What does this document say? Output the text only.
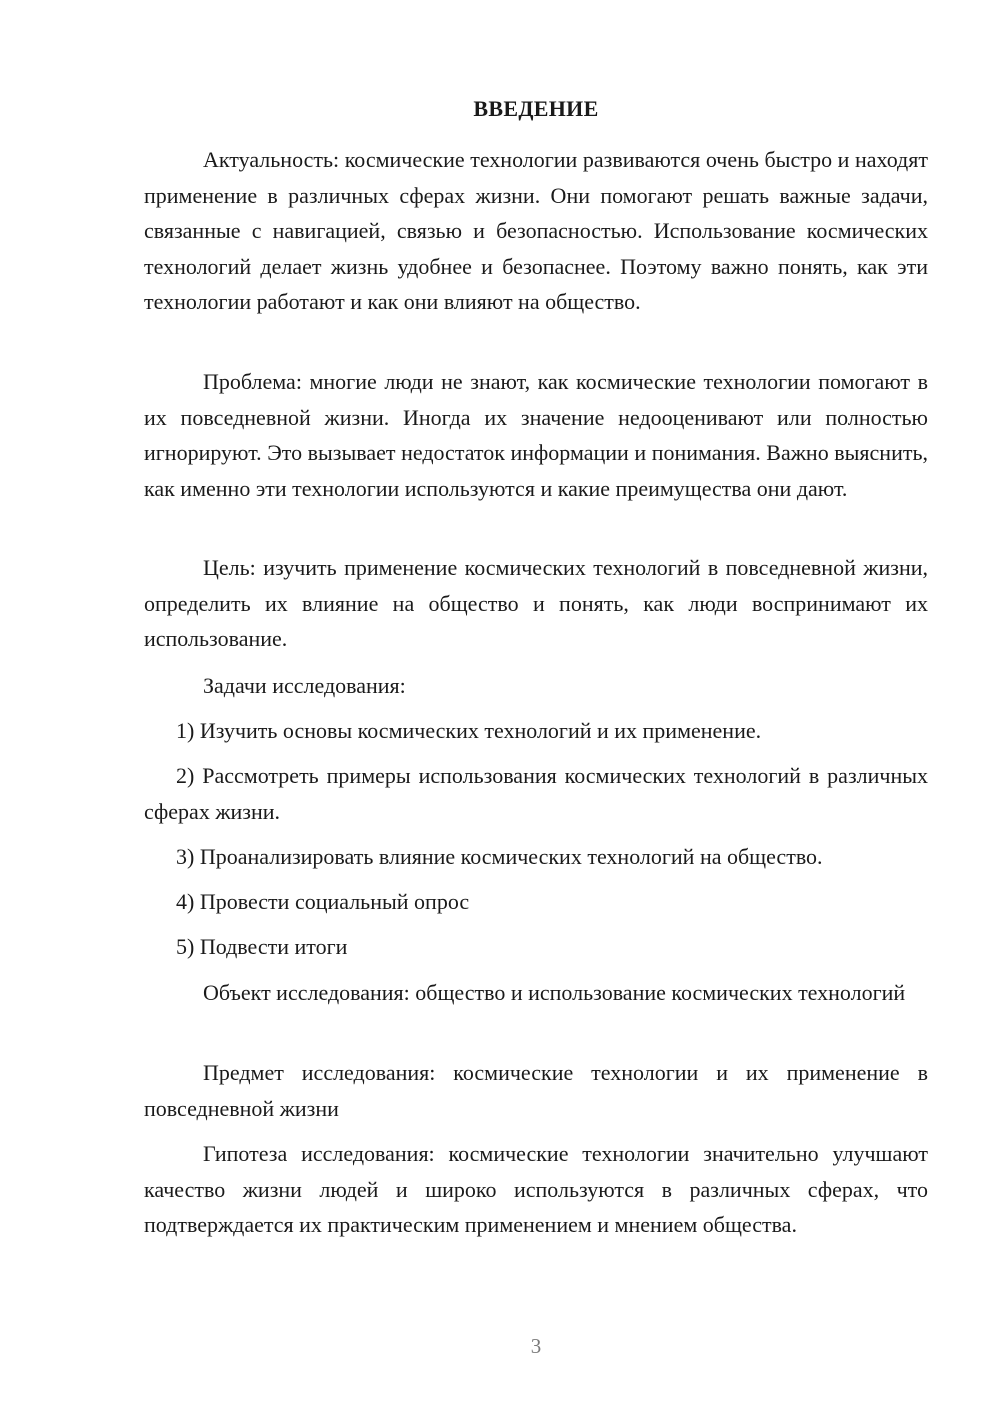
ВВЕДЕНИЕ

Актуальность: космические технологии развиваются очень быстро и находят применение в различных сферах жизни. Они помогают решать важные задачи, связанные с навигацией, связью и безопасностью. Использование космических технологий делает жизнь удобнее и безопаснее. Поэтому важно понять, как эти технологии работают и как они влияют на общество.

Проблема: многие люди не знают, как космические технологии помогают в их повседневной жизни. Иногда их значение недооценивают или полностью игнорируют. Это вызывает недостаток информации и понимания. Важно выяснить, как именно эти технологии используются и какие преимущества они дают.

Цель: изучить применение космических технологий в повседневной жизни, определить их влияние на общество и понять, как люди воспринимают их использование.

Задачи исследования:

1) Изучить основы космических технологий и их применение.

2) Рассмотреть примеры использования космических технологий в различных сферах жизни.

3) Проанализировать влияние космических технологий на общество.

4) Провести социальный опрос

5) Подвести итоги

Объект исследования: общество и использование космических технологий

Предмет исследования: космические технологии и их применение в повседневной жизни

Гипотеза исследования: космические технологии значительно улучшают качество жизни людей и широко используются в различных сферах, что подтверждается их практическим применением и мнением общества.

3
